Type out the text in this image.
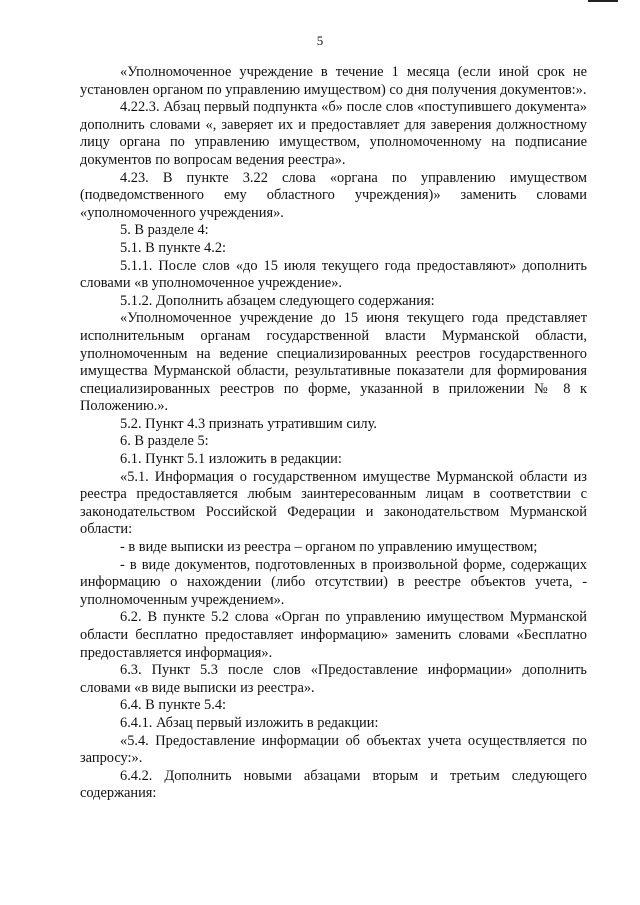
5

«Уполномоченное учреждение в течение 1 месяца (если иной срок не установлен органом по управлению имуществом) со дня получения документов:».

4.22.3. Абзац первый подпункта «б» после слов «поступившего документа» дополнить словами «, заверяет их и предоставляет для заверения должностному лицу органа по управлению имуществом, уполномоченному на подписание документов по вопросам ведения реестра».

4.23. В пункте 3.22 слова «органа по управлению имуществом (подведомственного ему областного учреждения)» заменить словами «уполномоченного учреждения».

5. В разделе 4:

5.1. В пункте 4.2:

5.1.1. После слов «до 15 июля текущего года предоставляют» дополнить словами «в уполномоченное учреждение».

5.1.2. Дополнить абзацем следующего содержания:

«Уполномоченное учреждение до 15 июня текущего года представляет исполнительным органам государственной власти Мурманской области, уполномоченным на ведение специализированных реестров государственного имущества Мурманской области, результативные показатели для формирования специализированных реестров по форме, указанной в приложении № 8 к Положению.».

5.2. Пункт 4.3 признать утратившим силу.

6. В разделе 5:

6.1. Пункт 5.1 изложить в редакции:

«5.1. Информация о государственном имуществе Мурманской области из реестра предоставляется любым заинтересованным лицам в соответствии с законодательством Российской Федерации и законодательством Мурманской области:

- в виде выписки из реестра – органом по управлению имуществом;

- в виде документов, подготовленных в произвольной форме, содержащих информацию о нахождении (либо отсутствии) в реестре объектов учета, - уполномоченным учреждением».

6.2. В пункте 5.2 слова «Орган по управлению имуществом Мурманской области бесплатно предоставляет информацию» заменить словами «Бесплатно предоставляется информация».

6.3. Пункт 5.3 после слов «Предоставление информации» дополнить словами «в виде выписки из реестра».

6.4. В пункте 5.4:

6.4.1. Абзац первый изложить в редакции:

«5.4. Предоставление информации об объектах учета осуществляется по запросу:».

6.4.2. Дополнить новыми абзацами вторым и третьим следующего содержания:
